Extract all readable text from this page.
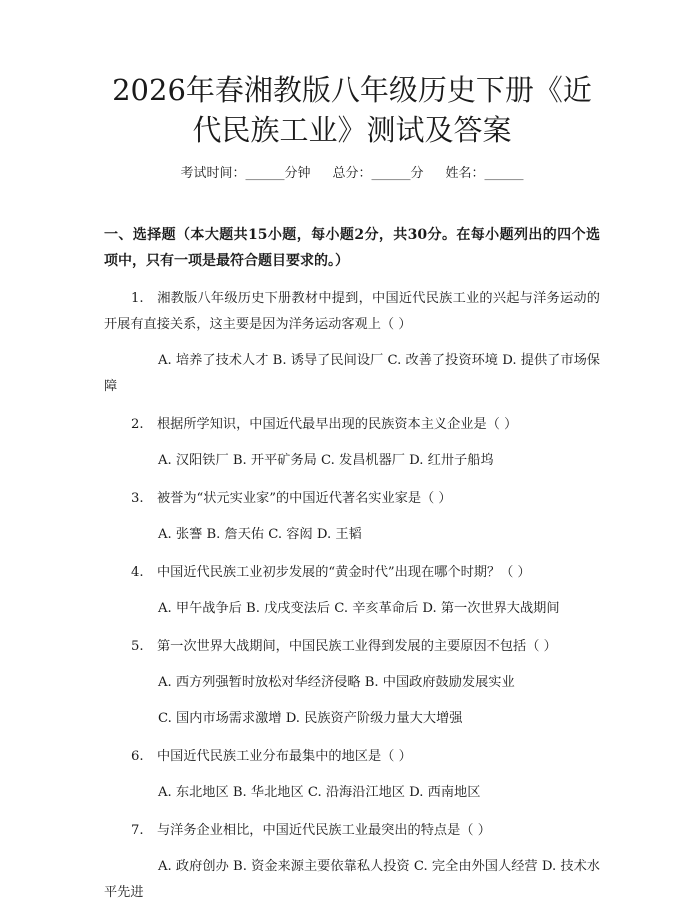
2026年春湘教版八年级历史下册《近代民族工业》测试及答案
考试时间：______分钟 总分：______分 姓名：______
一、选择题（本大题共15小题，每小题2分，共30分。在每小题列出的四个选项中，只有一项是最符合题目要求的。）
1. 湘教版八年级历史下册教材中提到，中国近代民族工业的兴起与洋务运动的开展有直接关系，这主要是因为洋务运动客观上（ ）
A. 培养了技术人才 B. 诱导了民间设厂 C. 改善了投资环境 D. 提供了市场保障
2. 根据所学知识，中国近代最早出现的民族资本主义企业是（ ）
A. 汉阳铁厂 B. 开平矿务局 C. 发昌机器厂 D. 红卅子船坞
3. 被誉为“状元实业家”的中国近代著名实业家是（ ）
A. 张謇 B. 詹天佑 C. 容闳 D. 王韬
4. 中国近代民族工业初步发展的“黄金时代”出现在哪个时期？（ ）
A. 甲午战争后 B. 戊戌变法后 C. 辛亥革命后 D. 第一次世界大战期间
5. 第一次世界大战期间，中国民族工业得到发展的主要原因不包括（ ）
A. 西方列强暂时放松对华经济侵略 B. 中国政府鼓励发展实业
C. 国内市场需求激增 D. 民族资产阶级力量大大增强
6. 中国近代民族工业分布最集中的地区是（ ）
A. 东北地区 B. 华北地区 C. 沿海沿江地区 D. 西南地区
7. 与洋务企业相比，中国近代民族工业最突出的特点是（ ）
A. 政府创办 B. 资金来源主要依靠私人投资 C. 完全由外国人经营 D. 技术水平先进
